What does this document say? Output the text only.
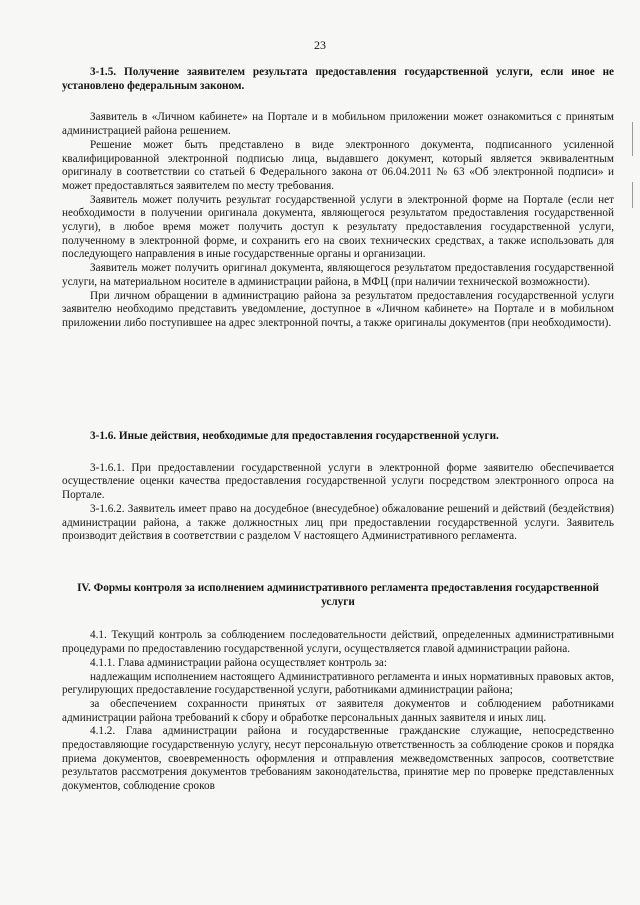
23

3-1.5. Получение заявителем результата предоставления государственной услуги, если иное не установлено федеральным законом.

Заявитель в «Личном кабинете» на Портале и в мобильном приложении может ознакомиться с принятым администрацией района решением.

Решение может быть представлено в виде электронного документа, подписанного усиленной квалифицированной электронной подписью лица, выдавшего документ, который является эквивалентным оригиналу в соответствии со статьей 6 Федерального закона от 06.04.2011 № 63 «Об электронной подписи» и может предоставляться заявителем по месту требования.

Заявитель может получить результат государственной услуги в электронной форме на Портале (если нет необходимости в получении оригинала документа, являющегося результатом предоставления государственной услуги), в любое время может получить доступ к результату предоставления государственной услуги, полученному в электронной форме, и сохранить его на своих технических средствах, а также использовать для последующего направления в иные государственные органы и организации.

Заявитель может получить оригинал документа, являющегося результатом предоставления государственной услуги, на материальном носителе в администрации района, в МФЦ (при наличии технической возможности).

При личном обращении в администрацию района за результатом предоставления государственной услуги заявителю необходимо представить уведомление, доступное в «Личном кабинете» на Портале и в мобильном приложении либо поступившее на адрес электронной почты, а также оригиналы документов (при необходимости).

3-1.6. Иные действия, необходимые для предоставления государственной услуги.

3-1.6.1. При предоставлении государственной услуги в электронной форме заявителю обеспечивается осуществление оценки качества предоставления государственной услуги посредством электронного опроса на Портале.

3-1.6.2. Заявитель имеет право на досудебное (внесудебное) обжалование решений и действий (бездействия) администрации района, а также должностных лиц при предоставлении государственной услуги. Заявитель производит действия в соответствии с разделом V настоящего Административного регламента.

IV. Формы контроля за исполнением административного регламента предоставления государственной услуги

4.1. Текущий контроль за соблюдением последовательности действий, определенных административными процедурами по предоставлению государственной услуги, осуществляется главой администрации района.

4.1.1. Глава администрации района осуществляет контроль за:

надлежащим исполнением настоящего Административного регламента и иных нормативных правовых актов, регулирующих предоставление государственной услуги, работниками администрации района;

за обеспечением сохранности принятых от заявителя документов и соблюдением работниками администрации района требований к сбору и обработке персональных данных заявителя и иных лиц.

4.1.2. Глава администрации района и государственные гражданские служащие, непосредственно предоставляющие государственную услугу, несут персональную ответственность за соблюдение сроков и порядка приема документов, своевременность оформления и отправления межведомственных запросов, соответствие результатов рассмотрения документов требованиям законодательства, принятие мер по проверке представленных документов, соблюдение сроков
